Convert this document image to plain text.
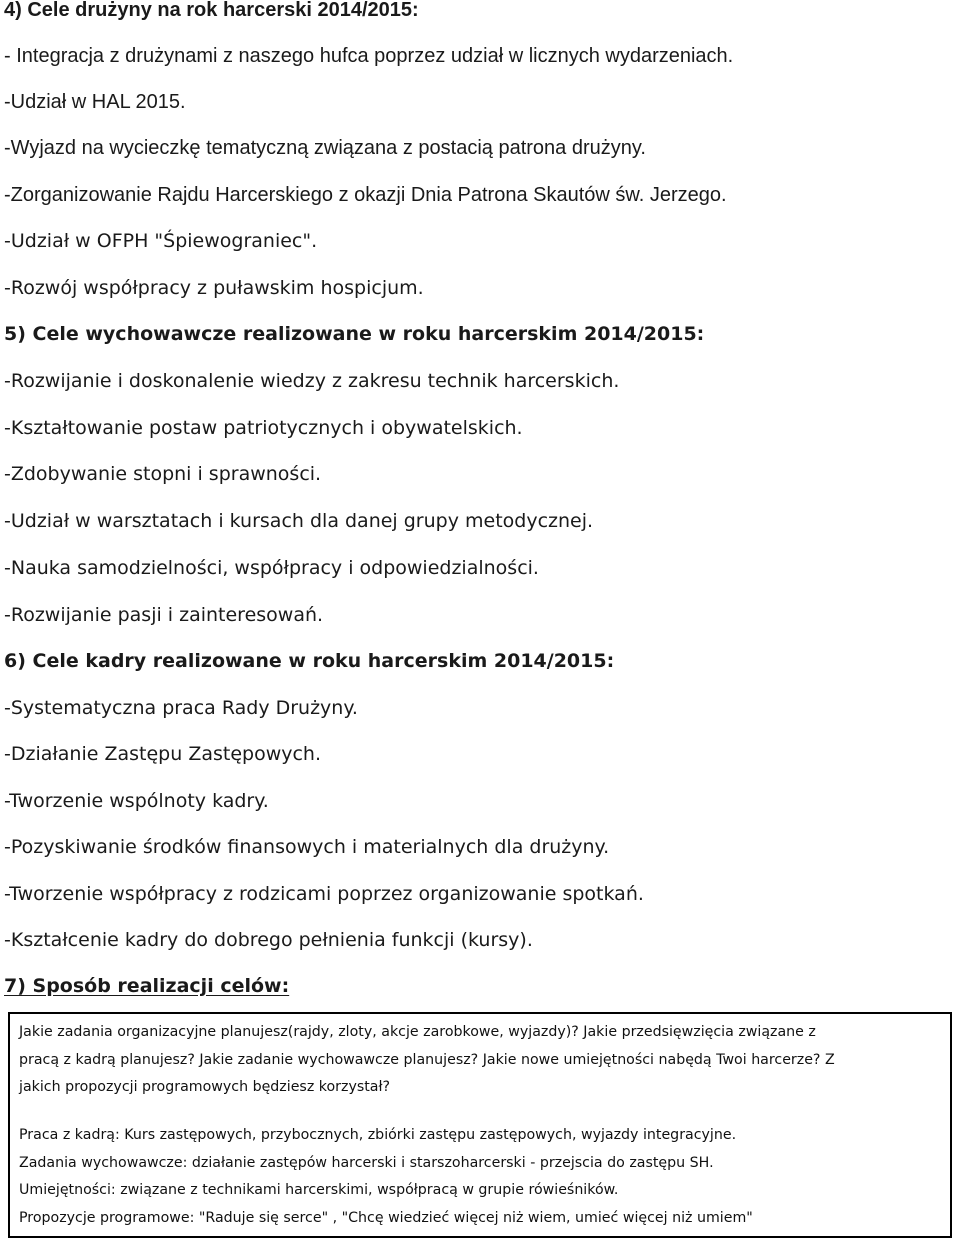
4) Cele drużyny na rok harcerski 2014/2015:
- Integracja z drużynami z naszego hufca poprzez udział w licznych wydarzeniach.
-Udział w HAL 2015.
-Wyjazd na wycieczkę tematyczną związana z postacią patrona drużyny.
-Zorganizowanie Rajdu Harcerskiego z okazji Dnia Patrona Skautów św. Jerzego.
-Udział w OFPH "Śpiewograniec".
-Rozwój współpracy z puławskim hospicjum.
5) Cele wychowawcze realizowane w roku harcerskim 2014/2015:
-Rozwijanie i doskonalenie wiedzy z zakresu technik harcerskich.
-Kształtowanie postaw patriotycznych i obywatelskich.
-Zdobywanie stopni i sprawności.
-Udział w warsztatach i kursach dla danej grupy metodycznej.
-Nauka samodzielności, współpracy i odpowiedzialności.
-Rozwijanie pasji i zainteresowań.
6) Cele kadry realizowane w roku harcerskim 2014/2015:
-Systematyczna praca Rady Drużyny.
-Działanie Zastępu Zastępowych.
-Tworzenie wspólnoty kadry.
-Pozyskiwanie środków finansowych i materialnych dla drużyny.
-Tworzenie współpracy z rodzicami poprzez organizowanie spotkań.
-Kształcenie kadry do dobrego pełnienia funkcji (kursy).
7) Sposób realizacji celów:
Jakie zadania organizacyjne planujesz(rajdy, zloty, akcje zarobkowe, wyjazdy)? Jakie przedsięwzięcia związane z
pracą z kadrą planujesz? Jakie zadanie wychowawcze planujesz? Jakie nowe umiejętności nabędą Twoi harcerze? Z
jakich propozycji programowych będziesz korzystał?
Praca z kadrą: Kurs zastępowych, przybocznych, zbiórki zastępu zastępowych, wyjazdy integracyjne.
Zadania wychowawcze: działanie zastępów harcerski i starszoharcerski - przejscia do zastępu SH.
Umiejętności: związane z technikami harcerskimi, współpracą w grupie rówieśników.
Propozycje programowe: "Raduje się serce" , "Chcę wiedzieć więcej niż wiem, umieć więcej niż umiem"
